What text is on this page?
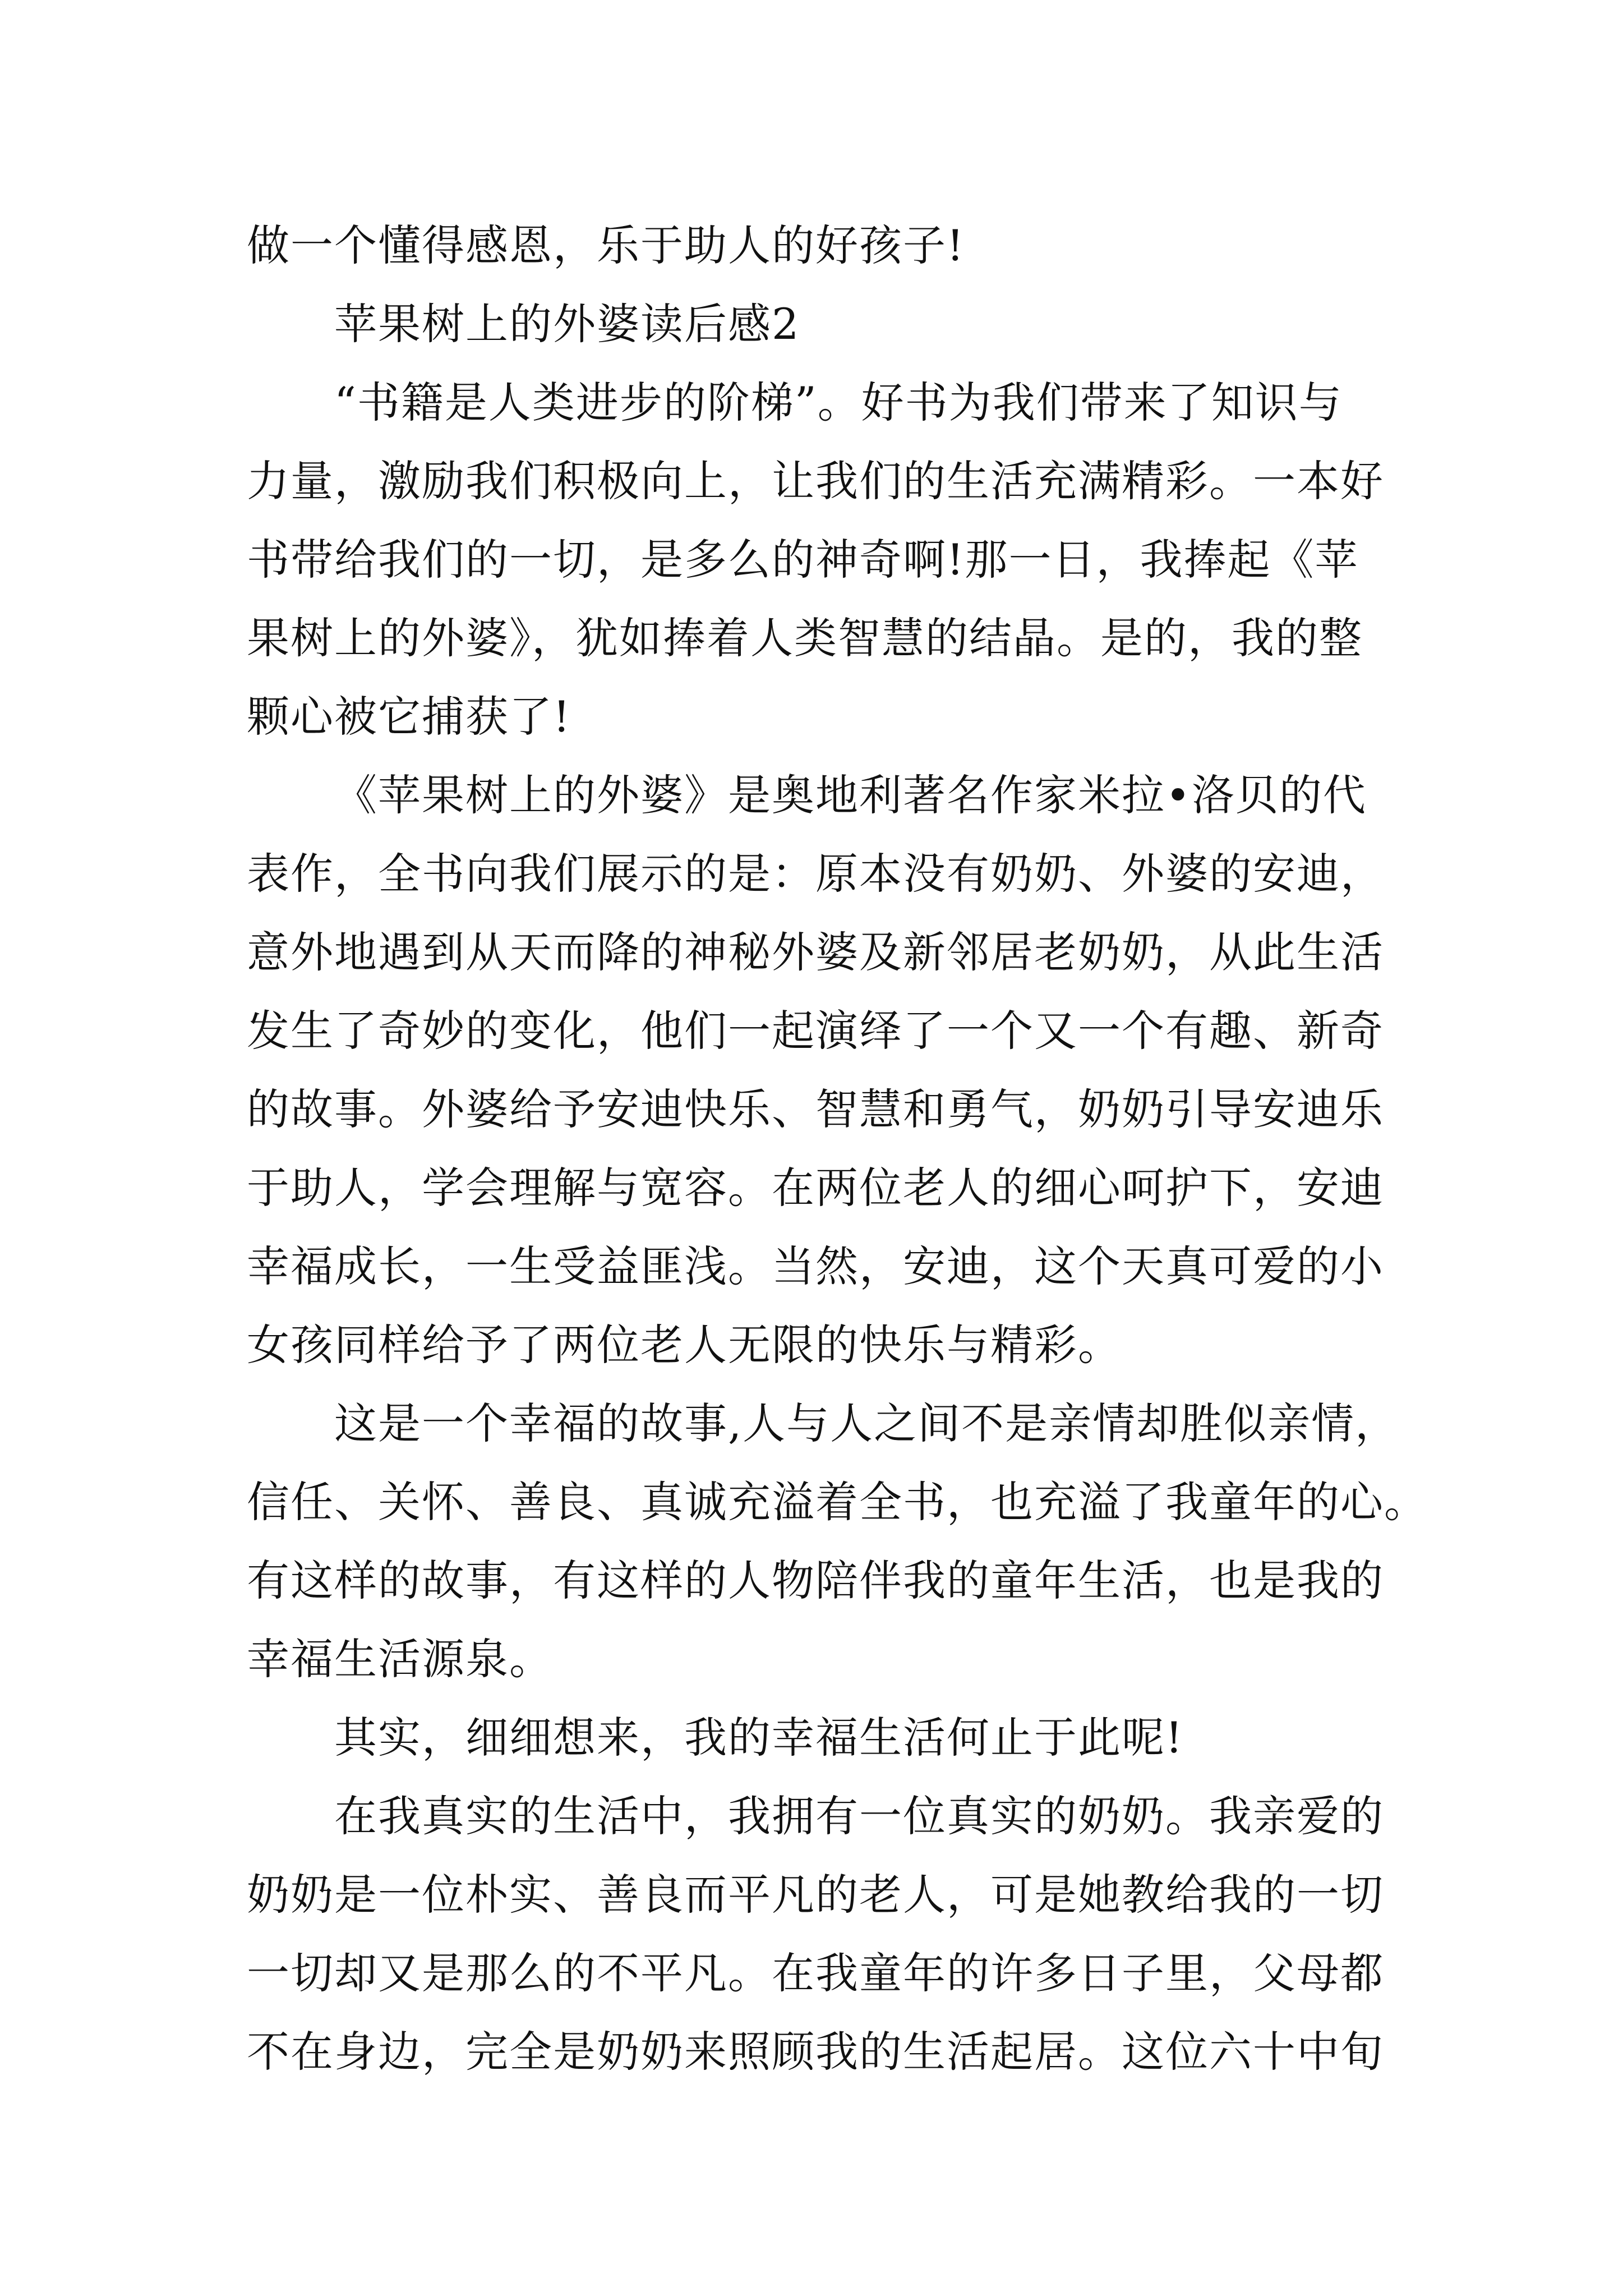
做一个懂得感恩，乐于助人的好孩子!
苹果树上的外婆读后感2
“书籍是人类进步的阶梯”。好书为我们带来了知识与
力量，激励我们积极向上，让我们的生活充满精彩。一本好
书带给我们的一切，是多么的神奇啊!那一日，我捧起《苹
果树上的外婆》，犹如捧着人类智慧的结晶。是的，我的整
颗心被它捕获了!
《苹果树上的外婆》是奥地利著名作家米拉•洛贝的代
表作，全书向我们展示的是：原本没有奶奶、外婆的安迪，
意外地遇到从天而降的神秘外婆及新邻居老奶奶，从此生活
发生了奇妙的变化，他们一起演绎了一个又一个有趣、新奇
的故事。外婆给予安迪快乐、智慧和勇气，奶奶引导安迪乐
于助人，学会理解与宽容。在两位老人的细心呵护下，安迪
幸福成长，一生受益匪浅。当然，安迪，这个天真可爱的小
女孩同样给予了两位老人无限的快乐与精彩。
这是一个幸福的故事,人与人之间不是亲情却胜似亲情，
信任、关怀、善良、真诚充溢着全书，也充溢了我童年的心。
有这样的故事，有这样的人物陪伴我的童年生活，也是我的
幸福生活源泉。
其实，细细想来，我的幸福生活何止于此呢!
在我真实的生活中，我拥有一位真实的奶奶。我亲爱的
奶奶是一位朴实、善良而平凡的老人，可是她教给我的一切
一切却又是那么的不平凡。在我童年的许多日子里，父母都
不在身边，完全是奶奶来照顾我的生活起居。这位六十中旬
